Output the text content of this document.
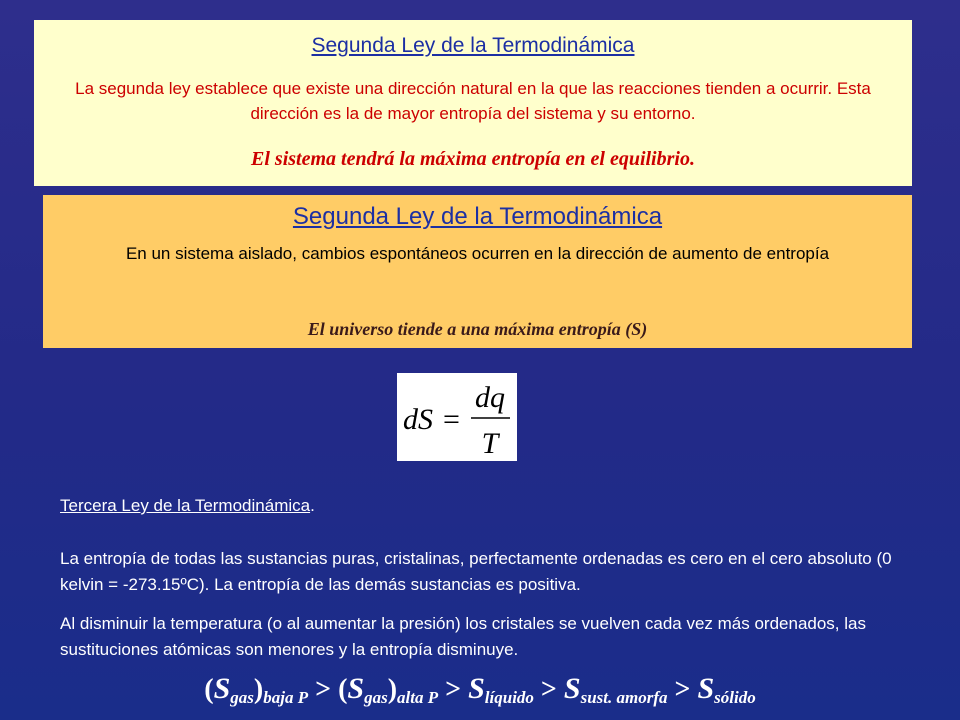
Segunda Ley de la Termodinámica
La segunda ley establece que existe una dirección natural en la que las reacciones tienden a ocurrir. Esta dirección es la de mayor entropía del sistema y su entorno.
El sistema tendrá la máxima entropía en el equilibrio.
Segunda Ley de la Termodinámica
En un sistema aislado, cambios espontáneos ocurren en la dirección de aumento de entropía
El universo tiende a una máxima entropía (S)
dS =
dq
T
Tercera Ley de la Termodinámica.
La entropía de todas las sustancias puras, cristalinas, perfectamente ordenadas es cero en el cero absoluto (0 kelvin = -273.15ºC). La entropía de las demás sustancias es positiva.
Al disminuir la temperatura (o al aumentar la presión) los cristales se vuelven cada vez más ordenados, las sustituciones atómicas son menores y la entropía disminuye.
$(S_{gas})_{baja P} > (S_{gas})_{alta P} > S_{líquido} > S_{sust. amorfa} > S_{sólido}$
